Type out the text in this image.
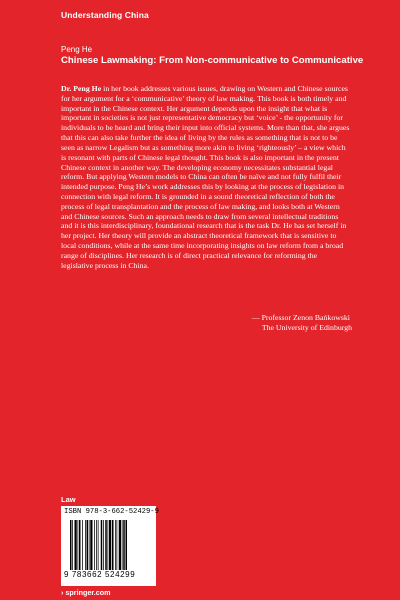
Understanding China
Peng He
Chinese Lawmaking: From Non-communicative to Communicative
Dr. Peng He in her book addresses various issues, drawing on Western and Chinese sources for her argument for a ‘communicative’ theory of law making. This book is both timely and important in the Chinese context. Her argument depends upon the insight that what is important in societies is not just representative democracy but ‘voice’ - the opportunity for individuals to be heard and bring their input into official systems. More than that, she argues that this can also take further the idea of living by the rules as something that is not to be seen as narrow Legalism but as something more akin to living ‘righteously’ – a view which is resonant with parts of Chinese legal thought. This book is also important in the present Chinese context in another way. The developing economy necessitates substantial legal reform. But applying Western models to China can often be naïve and not fully fulfil their intended purpose. Peng He’s work addresses this by looking at the process of legislation in connection with legal reform. It is grounded in a sound theoretical reflection of both the process of legal transplantation and the process of law making, and looks both at Western and Chinese sources. Such an approach needs to draw from several intellectual traditions and it is this interdisciplinary, foundational research that is the task Dr. He has set herself in her project. Her theory will provide an abstract theoretical framework that is sensitive to local conditions, while at the same time incorporating insights on law reform from a broad range of disciplines. Her research is of direct practical relevance for reforming the legislative process in China.
— Professor Zenon Bańkowski
The University of Edinburgh
Law
ISBN 978-3-662-52429-9
9 783662 524299
› springer.com
